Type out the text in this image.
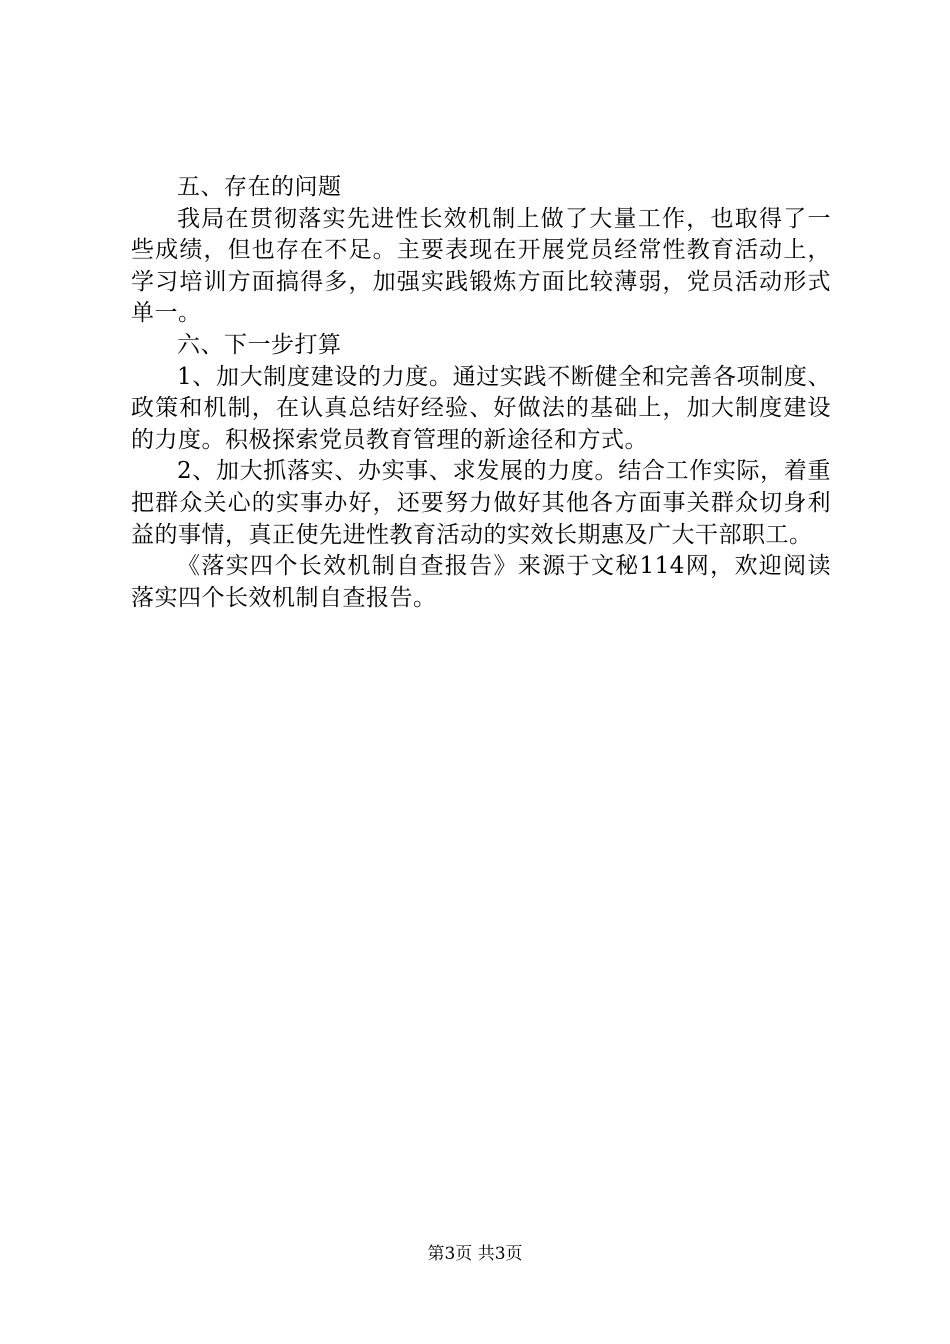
五、存在的问题

我局在贯彻落实先进性长效机制上做了大量工作，也取得了一些成绩，但也存在不足。主要表现在开展党员经常性教育活动上，学习培训方面搞得多，加强实践锻炼方面比较薄弱，党员活动形式单一。

六、下一步打算

1、加大制度建设的力度。通过实践不断健全和完善各项制度、政策和机制，在认真总结好经验、好做法的基础上，加大制度建设的力度。积极探索党员教育管理的新途径和方式。

2、加大抓落实、办实事、求发展的力度。结合工作实际，着重把群众关心的实事办好，还要努力做好其他各方面事关群众切身利益的事情，真正使先进性教育活动的实效长期惠及广大干部职工。

《落实四个长效机制自查报告》来源于文秘114网，欢迎阅读落实四个长效机制自查报告。

第3页 共3页
